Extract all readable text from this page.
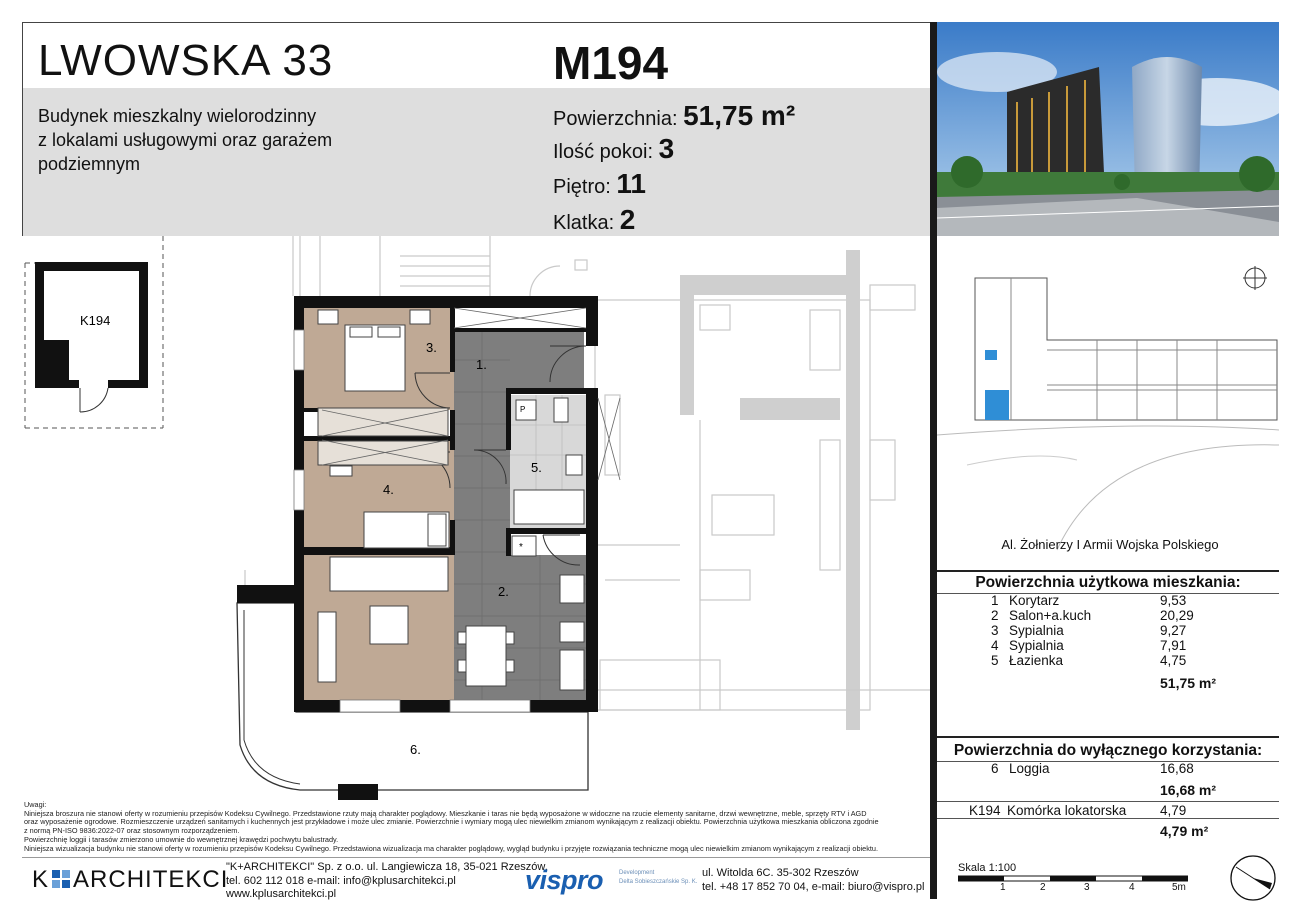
LWOWSKA 33	M194
Budynek mieszkalny wielorodzinny
z lokalami usługowymi oraz garażem
podziemnym
Powierzchnia: 51,75 m²
Ilość pokoi: 3
Piętro: 11
Klatka: 2
3.
1.
4.
5.
2.
6.
P
*
K194
Al. Żołnierzy I Armii Wojska Polskiego
Powierzchnia użytkowa mieszkania:
1 Korytarz	9,53
2 Salon+a.kuch	20,29
3 Sypialnia	9,27
4 Sypialnia	7,91
5 Łazienka	4,75
51,75 m²
Powierzchnia do wyłącznego korzystania:
6 Loggia	16,68
16,68 m²
K194 Komórka lokatorska 4,79
4,79 m²
Uwagi:
Niniejsza broszura nie stanowi oferty w rozumieniu przepisów Kodeksu Cywilnego. Przedstawione rzuty mają charakter poglądowy. Mieszkanie i taras nie będą wyposażone w widoczne na rzucie elementy sanitarne, drzwi wewnętrzne, meble, sprzęty RTV i AGD
oraz wyposażenie ogrodowe. Rozmieszczenie urządzeń sanitarnych i kuchennych jest przykładowe i może ulec zmianie. Powierzchnie i wymiary mogą ulec niewielkim zmianom wynikającym z realizacji obiektu. Powierzchnia użytkowa mieszkania obliczona zgodnie
z normą PN-ISO 9836:2022-07 oraz stosownym rozporządzeniem.
Powierzchnię loggii i tarasów zmierzono umownie do wewnętrznej krawędzi pochwytu balustrady.
Niniejsza wizualizacja budynku nie stanowi oferty w rozumieniu przepisów Kodeksu Cywilnego. Przedstawiona wizualizacja ma charakter poglądowy, wygląd budynku i przyjęte rozwiązania techniczne mogą ulec niewielkim zmianom wynikającym z realizacji obiektu.
K ARCHITEKCI
"K+ARCHITEKCI" Sp. z o.o. ul. Langiewicza 18, 35-021 Rzeszów,
tel. 602 112 018 e-mail: info@kplusarchitekci.pl
www.kplusarchitekci.pl	vispro	Development
Delta Sobieszczańskie Sp. K.
ul. Witolda 6C. 35-302 Rzeszów
tel. +48 17 852 70 04, e-mail: biuro@vispro.pl
Skala 1:100
1	2	3	4	5m
